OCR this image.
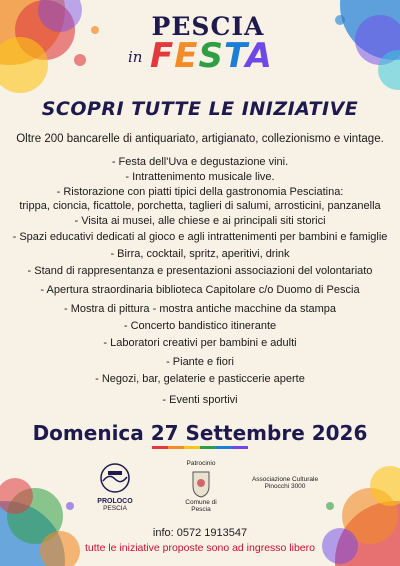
PESCIA
in FESTA
SCOPRI TUTTE LE INIZIATIVE
Oltre 200 bancarelle di antiquariato, artigianato, collezionismo e vintage.
- Festa dell'Uva e degustazione vini.
- Intrattenimento musicale live.
- Ristorazione con piatti tipici della gastronomia Pesciatina:
trippa, cioncia, ficattole, porchetta, taglieri di salumi, arrosticini, panzanella
- Visita ai musei, alle chiese e ai principali siti storici
- Spazi educativi dedicati al gioco e agli intrattenimenti per bambini e famiglie
- Birra, cocktail, spritz, aperitivi, drink
- Stand di rappresentanza e presentazioni associazioni del volontariato
- Apertura straordinaria biblioteca Capitolare c/o Duomo di Pescia
- Mostra di pittura - mostra antiche macchine da stampa
- Concerto bandistico itinerante
- Laboratori creativi per bambini e adulti
- Piante e fiori
- Negozi, bar, gelaterie e pasticcerie aperte
- Eventi sportivi
Domenica 27 Settembre 2026
PROLOCO
PESCIA
Patrocinio
Comune di Pescia
Associazione Culturale
Pinocchi 3000
info: 0572 1913547
tutte le iniziative proposte sono ad ingresso libero
